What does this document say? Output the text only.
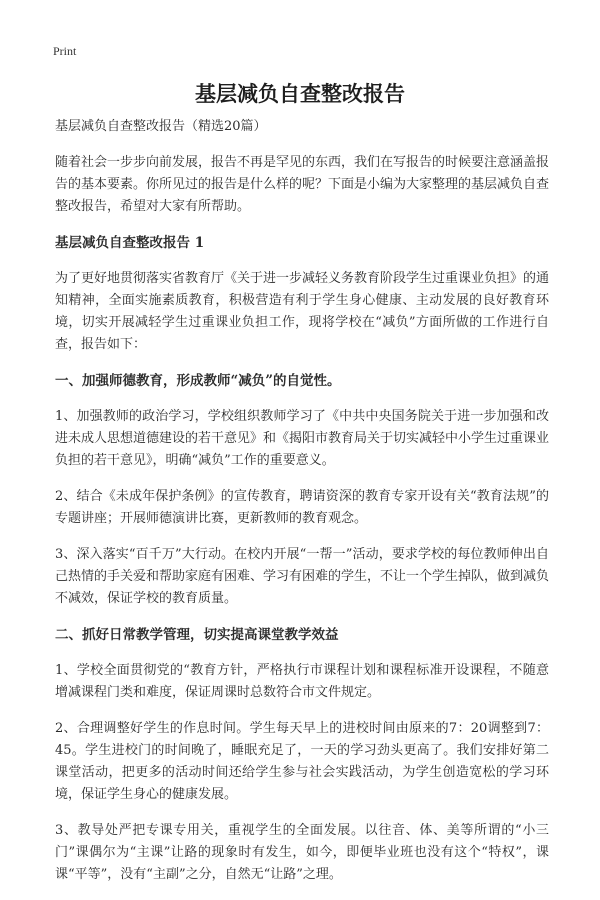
Print
基层减负自查整改报告

基层减负自查整改报告（精选20篇）

随着社会一步步向前发展，报告不再是罕见的东西，我们在写报告的时候要注意涵盖报告的基本要素。你所见过的报告是什么样的呢？下面是小编为大家整理的基层减负自查整改报告，希望对大家有所帮助。

基层减负自查整改报告 1

为了更好地贯彻落实省教育厅《关于进一步减轻义务教育阶段学生过重课业负担》的通知精神，全面实施素质教育，积极营造有利于学生身心健康、主动发展的良好教育环境，切实开展减轻学生过重课业负担工作，现将学校在“减负”方面所做的工作进行自查，报告如下：

一、加强师德教育，形成教师“减负”的自觉性。

1、加强教师的政治学习，学校组织教师学习了《中共中央国务院关于进一步加强和改进未成人思想道德建设的若干意见》和《揭阳市教育局关于切实减轻中小学生过重课业负担的若干意见》，明确“减负”工作的重要意义。

2、结合《未成年保护条例》的宣传教育，聘请资深的教育专家开设有关“教育法规”的专题讲座；开展师德演讲比赛，更新教师的教育观念。

3、深入落实“百千万”大行动。在校内开展“一帮一”活动，要求学校的每位教师伸出自己热情的手关爱和帮助家庭有困难、学习有困难的学生，不让一个学生掉队，做到减负不减效，保证学校的教育质量。

二、抓好日常教学管理，切实提高课堂教学效益

1、学校全面贯彻党的“教育方针，严格执行市课程计划和课程标准开设课程，不随意增减课程门类和难度，保证周课时总数符合市文件规定。

2、合理调整好学生的作息时间。学生每天早上的进校时间由原来的7：20调整到7：45。学生进校门的时间晚了，睡眠充足了，一天的学习劲头更高了。我们安排好第二课堂活动，把更多的活动时间还给学生参与社会实践活动，为学生创造宽松的学习环境，保证学生身心的健康发展。

3、教导处严把专课专用关，重视学生的全面发展。以往音、体、美等所谓的“小三门”课偶尔为“主课”让路的现象时有发生，如今，即便毕业班也没有这个“特权”，课课“平等”，没有“主副”之分，自然无“让路”之理。
